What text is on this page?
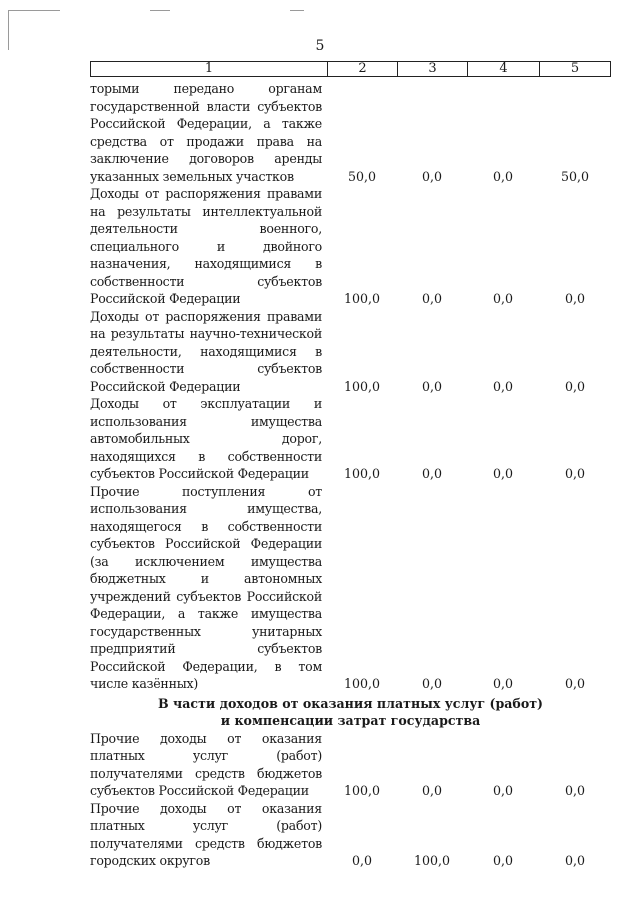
5
1	2	3	4	5
торыми передано органам государственной власти субъектов Российской Федерации, а также средства от продажи права на заключение договоров аренды указанных земельных участков	50,0	0,0	0,0	50,0
Доходы от распоряжения правами на результаты интеллектуальной деятельности военного, специального и двойного назначения, находящимися в собственности субъектов Российской Федерации	100,0	0,0	0,0	0,0
Доходы от распоряжения правами на результаты научно-технической деятельности, находящимися в собственности субъектов Российской Федерации	100,0	0,0	0,0	0,0
Доходы от эксплуатации и использования имущества автомобильных дорог, находящихся в собственности субъектов Российской Федерации	100,0	0,0	0,0	0,0
Прочие поступления от использования имущества, находящегося в собственности субъектов Российской Федерации (за исключением имущества бюджетных и автономных учреждений субъектов Российской Федерации, а также имущества государственных унитарных предприятий субъектов Российской Федерации, в том числе казённых)	100,0	0,0	0,0	0,0
В части доходов от оказания платных услуг (работ)
и компенсации затрат государства
Прочие доходы от оказания платных услуг (работ) получателями средств бюджетов субъектов Российской Федерации	100,0	0,0	0,0	0,0
Прочие доходы от оказания платных услуг (работ) получателями средств бюджетов городских округов	0,0	100,0	0,0	0,0
